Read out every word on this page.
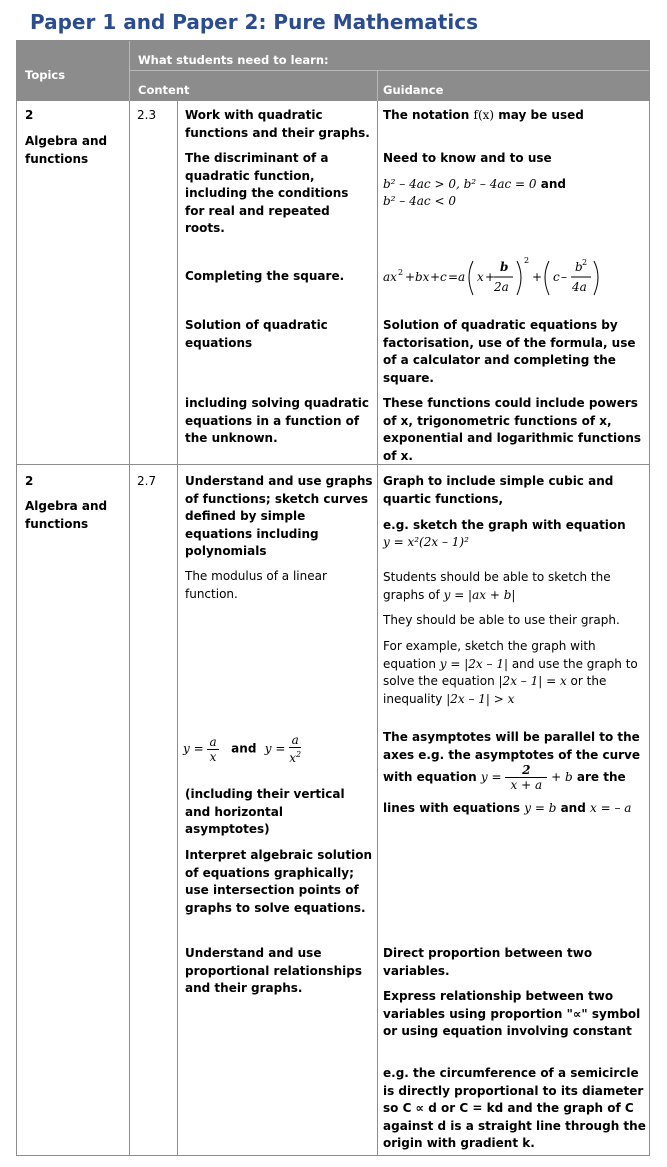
Paper 1 and Paper 2: Pure Mathematics
Topics
What students need to learn:
Content	Guidance
2
Algebra and functions
2.3 Work with quadratic functions and their graphs.
The notation f(x) may be used
The discriminant of a quadratic function, including the conditions for real and repeated roots.
Need to know and to use
b² – 4ac > 0, b² – 4ac = 0 and
b² – 4ac < 0
Completing the square.	ax 2 + bx + c = a x +
b
2a
2
+ c –
b 2
4a
Solution of quadratic equations
Solution of quadratic equations by factorisation, use of the formula, use of a calculator and completing the square.
including solving quadratic equations in a function of the unknown.
These functions could include powers of x, trigonometric functions of x, exponential and logarithmic functions of x.
2
Algebra and functions
2.7 Understand and use graphs of functions; sketch curves defined by simple equations including polynomials
Graph to include simple cubic and quartic functions,
e.g. sketch the graph with equation
y = x²(2x – 1)²
The modulus of a linear function.
Students should be able to sketch the graphs of y = |ax + b|
They should be able to use their graph.
For example, sketch the graph with equation y = |2x – 1| and use the graph to solve the equation |2x – 1| = x or the inequality |2x – 1| > x
$y = \frac{a}{x}$ and $y = \frac{a}{x^2}$
(including their vertical and horizontal asymptotes)
The asymptotes will be parallel to the axes e.g. the asymptotes of the curve
with equation $y = \frac{2}{x + a} + b$ are the
lines with equations y = b and x = – a
Interpret algebraic solution of equations graphically; use intersection points of graphs to solve equations.
Understand and use proportional relationships and their graphs.
Direct proportion between two variables.
Express relationship between two variables using proportion "∝" symbol or using equation involving constant
e.g. the circumference of a semicircle is directly proportional to its diameter so C ∝ d or C = kd and the graph of C against d is a straight line through the origin with gradient k.
